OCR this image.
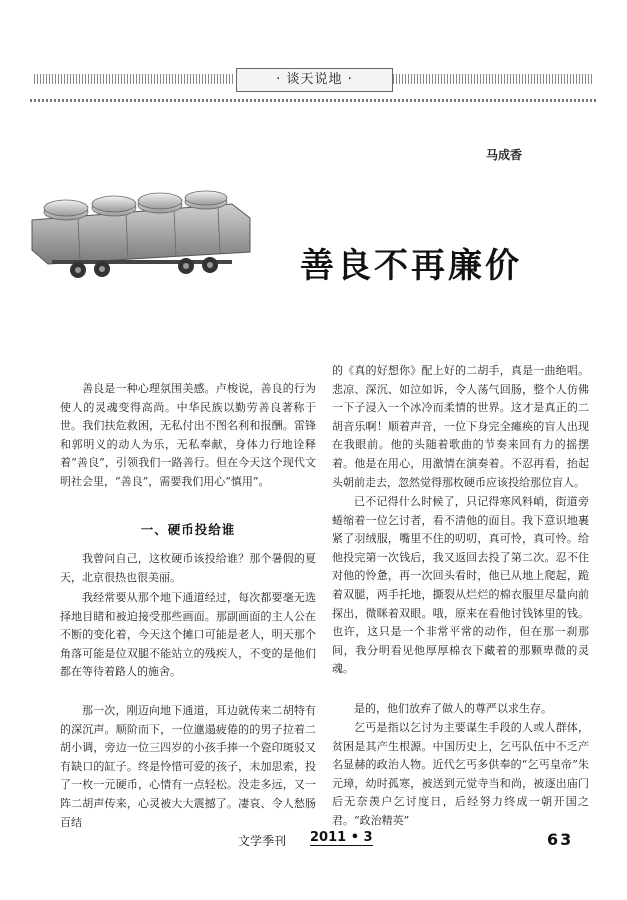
· 谈天说地 ·
马成香
善良不再廉价

善良是一种心理氛围美感。卢梭说，善良的行为使人的灵魂变得高尚。中华民族以勤劳善良著称于世。我们扶危救困，无私付出不图名利和报酬。雷锋和郭明义的动人为乐，无私奉献，身体力行地诠释着“善良”，引领我们一路善行。但在今天这个现代文明社会里，“善良”，需要我们用心“慎用”。

一、硬币投给谁

我曾问自己，这枚硬币该投给谁？那个暑假的夏天，北京很热也很美丽。

我经常要从那个地下通道经过，每次都要毫无选择地目睹和被迫接受那些画面。那副画面的主人公在不断的变化着，今天这个摊口可能是老人，明天那个角落可能是位双腿不能站立的残疾人，不变的是他们都在等待着路人的施舍。

那一次，刚迈向地下通道，耳边就传来二胡特有的深沉声。顺阶而下，一位邋遢疲倦的的男子拉着二胡小调，旁边一位三四岁的小孩手捧一个瓷印斑驳又有缺口的缸子。终是怜惜可爱的孩子，未加思索，投了一枚一元硬币，心情有一点轻松。没走多远，又一阵二胡声传来，心灵被大大震撼了。凄哀、令人愁肠百结

的《真的好想你》配上好的二胡手，真是一曲绝唱。悲凉、深沉、如泣如诉，令人荡气回肠，整个人仿佛一下子浸入一个冰冷而柔情的世界。这才是真正的二胡音乐啊！顺着声音，一位下身完全瘫痪的盲人出现在我眼前。他的头随着歌曲的节奏来回有力的摇摆着。他是在用心，用激情在演奏着。不忍再看，抬起头朝前走去，忽然觉得那枚硬币应该投给那位盲人。

已不记得什么时候了，只记得寒风料峭，街道旁蜷缩着一位乞讨者，看不清他的面目。我下意识地裹紧了羽绒服，嘴里不住的叨叨，真可怜，真可怜。给他投完第一次钱后，我又返回去投了第二次。忍不住对他的怜惫，再一次回头看时，他已从地上爬起，跪着双腿，两手托地，撕裂从烂烂的棉衣服里尽量向前探出，微眯着双眼。哦，原来在看他讨钱钵里的钱。也许，这只是一个非常平常的动作，但在那一刹那间，我分明看见他厚厚棉衣下藏着的那颗卑微的灵魂。

是的，他们放弃了做人的尊严以求生存。

乞丐是指以乞讨为主要谋生手段的人或人群体，贫困是其产生根源。中国历史上，乞丐队伍中不乏产名显赫的政治人物。近代乞丐多供奉的“乞丐皇帝”朱元璋，幼时孤寒，被送到元觉寺当和尚，被逐出庙门后无奈羡户乞讨度日，后经努力终成一朝开国之君。“政治精英”

文学季刊 2011 • 3	63
